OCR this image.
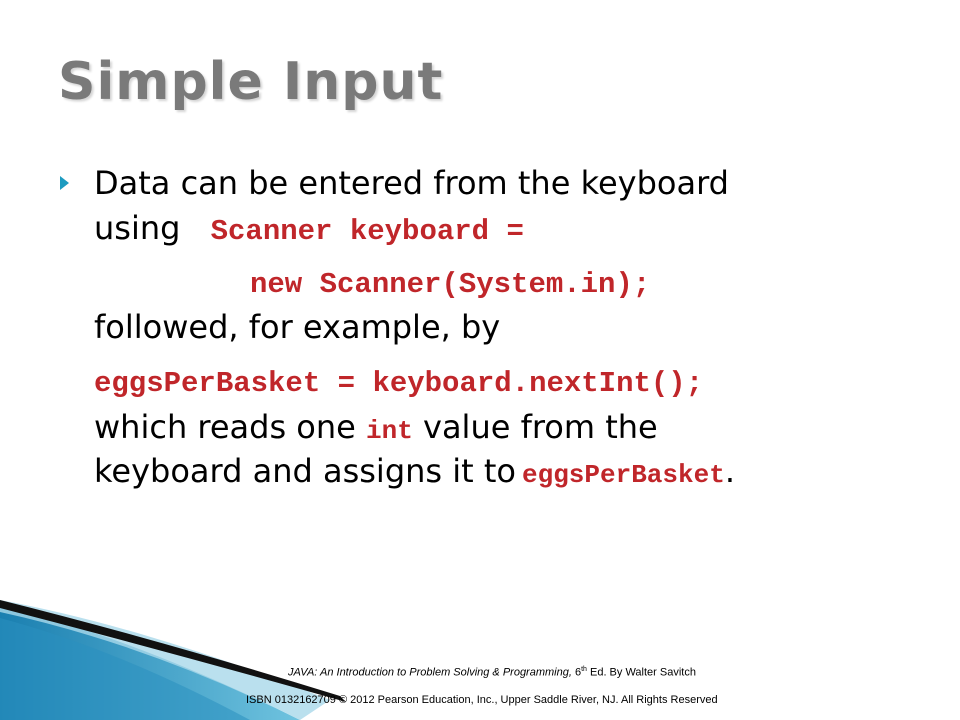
Simple Input
Data can be entered from the keyboard
using Scanner keyboard =
new Scanner(System.in);
followed, for example, by
eggsPerBasket = keyboard.nextInt();
which reads one int value from the
keyboard and assigns it to eggsPerBasket.
JAVA: An Introduction to Problem Solving & Programming, 6th Ed. By Walter Savitch
ISBN 0132162709 © 2012 Pearson Education, Inc., Upper Saddle River, NJ. All Rights Reserved
